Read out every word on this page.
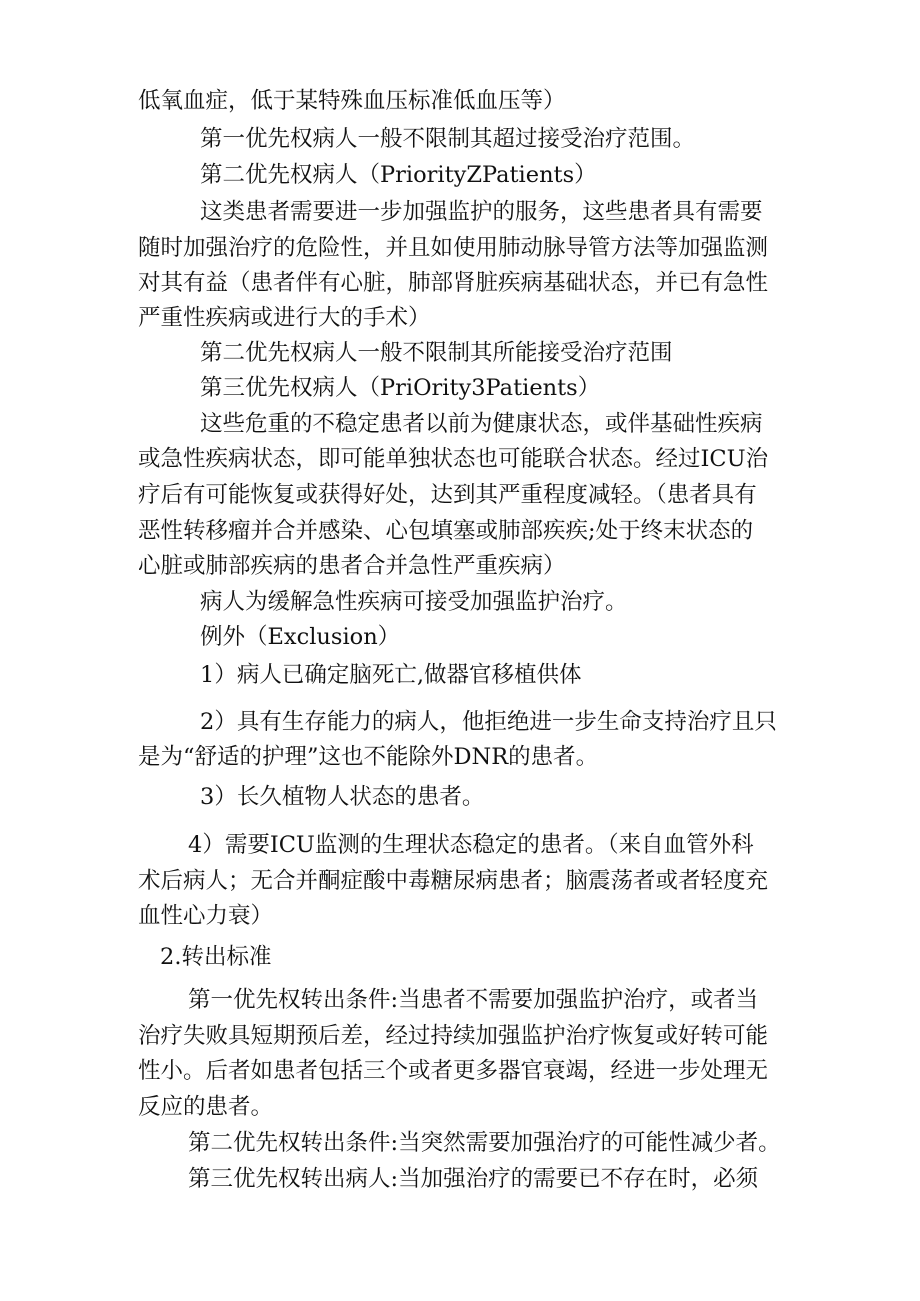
低氧血症，低于某特殊血压标准低血压等）

第一优先权病人一般不限制其超过接受治疗范围。

第二优先权病人（PriorityZPatients）

这类患者需要进一步加强监护的服务，这些患者具有需要

随时加强治疗的危险性，并且如使用肺动脉导管方法等加强监测

对其有益（患者伴有心脏，肺部肾脏疾病基础状态，并已有急性

严重性疾病或进行大的手术）

第二优先权病人一般不限制其所能接受治疗范围

第三优先权病人（PriOrity3Patients）

这些危重的不稳定患者以前为健康状态，或伴基础性疾病

或急性疾病状态，即可能单独状态也可能联合状态。经过ICU治

疗后有可能恢复或获得好处，达到其严重程度减轻。（患者具有

恶性转移瘤并合并感染、心包填塞或肺部疾疾;处于终末状态的

心脏或肺部疾病的患者合并急性严重疾病）

病人为缓解急性疾病可接受加强监护治疗。

例外（Exclusion）

1）病人已确定脑死亡,做器官移植供体

2）具有生存能力的病人，他拒绝进一步生命支持治疗且只

是为“舒适的护理”这也不能除外DNR的患者。

3）长久植物人状态的患者。

4）需要ICU监测的生理状态稳定的患者。（来自血管外科

术后病人；无合并酮症酸中毒糖尿病患者；脑震荡者或者轻度充

血性心力衰）

2.转出标准

第一优先权转出条件:当患者不需要加强监护治疗，或者当

治疗失败具短期预后差，经过持续加强监护治疗恢复或好转可能

性小。后者如患者包括三个或者更多器官衰竭，经进一步处理无

反应的患者。

第二优先权转出条件:当突然需要加强治疗的可能性减少者。

第三优先权转出病人:当加强治疗的需要已不存在时，必须
